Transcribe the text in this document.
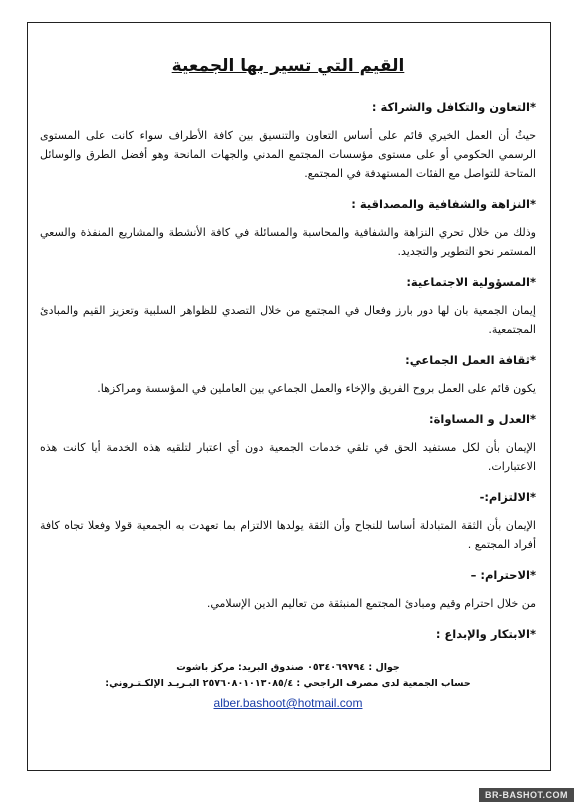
القيم التي تسير بها الجمعية
*التعاون والتكافل والشراكة :
حيثُ أن العمل الخيري قائم على أساس التعاون والتنسيق بين كافة الأطراف سواء كانت على المستوى الرسمي الحكومي أو على مستوى مؤسسات المجتمع المدني والجهات المانحة وهو أفضل الطرق والوسائل المتاحة للتواصل مع الفئات المستهدفة في المجتمع.
*النزاهة والشفافية والمصداقية :
وذلك من خلال تحري النزاهة والشفافية والمحاسبة والمسائلة في كافة الأنشطة والمشاريع المنفذة والسعي المستمر نحو التطوير والتجديد.
*المسؤولية الاجتماعية:
إيمان الجمعية بان لها دور بارز وفعال في المجتمع من خلال التصدي للظواهر السلبية وتعزيز القيم والمبادئ المجتمعية.
*ثقافة العمل الجماعي:
يكون قائم على العمل بروح الفريق والإخاء والعمل الجماعي بين العاملين في المؤسسة ومراكزها.
*العدل و المساواة:
الإيمان بأن لكل مستفيد الحق في تلقي خدمات الجمعية دون أي اعتبار لتلقيه هذه الخدمة أيا كانت هذه الاعتبارات.
*الالتزام:-
الإيمان بأن الثقة المتبادلة أساسا للنجاح وأن الثقة يولدها الالتزام بما تعهدت به الجمعية قولا وفعلا تجاه كافة أفراد المجتمع .
*الاحترام: –
من خلال احترام وقيم ومبادئ المجتمع المنبثقة من تعاليم الدين الإسلامي.
*الابتكار والإبداع :
جوال : ٠٥٣٤٠٦٩٧٩٤ صندوق البريد: مركز باشوت
حساب الجمعية لدى مصرف الراجحي : ٢٥٧٦٠٨٠١٠١٣٠٨٥/٤ البـريـد الإلكـتـروني:
alber.bashoot@hotmail.com
BR-BASHOT.COM
